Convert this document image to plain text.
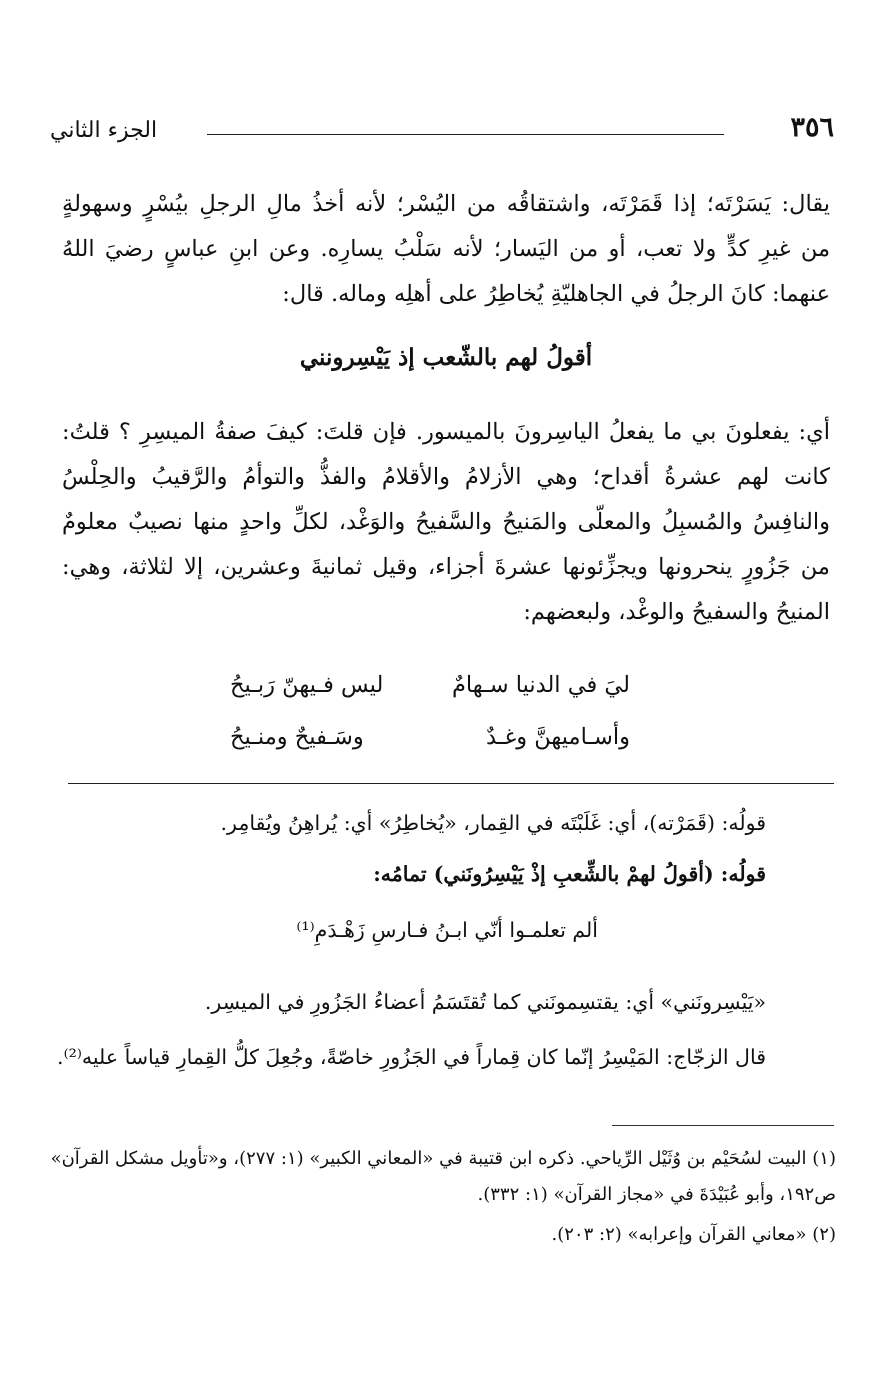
الجزء الثاني	٣٥٦
يقال: يَسَرْتَه؛ إذا قَمَرْتَه، واشتقاقُه من اليُسْر؛ لأنه أخذُ مالِ الرجلِ بيُسْرٍ وسهولةٍ
من غيرِ كدٍّ ولا تعب، أو من اليَسار؛ لأنه سَلْبُ يسارِه. وعن ابنِ عباسٍ رضيَ اللهُ
عنهما: كانَ الرجلُ في الجاهليّةِ يُخاطِرُ على أهلِه وماله. قال:
أقولُ لهم بالشّعب إذ يَيْسِرونني
أي: يفعلونَ بي ما يفعلُ الياسِرونَ بالميسور. فإن قلتَ: كيفَ صفةُ الميسِرِ ؟ قلتُ:
كانت لهم عشرةُ أقداح؛ وهي الأزلامُ والأقلامُ والفذُّ والتوأمُ والرَّقيبُ والحِلْسُ
والنافِسُ والمُسبِلُ والمعلّى والمَنيحُ والسَّفيحُ والوَغْد، لكلِّ واحدٍ منها نصيبٌ معلومٌ
من جَزُورٍ ينحرونها ويجزِّئونها عشرةَ أجزاء، وقيل ثمانيةَ وعشرين، إلا لثلاثة، وهي:
المنيحُ والسفيحُ والوغْد، ولبعضهم:
ليَ في الدنيا سـهامٌ
ليس فـيهنّ رَبـيحُ
وأسـاميهنَّ وغـدٌ
وسَـفيحٌ ومنـيحُ
قولُه: (قَمَرْته)، أي: غَلَبْتَه في القِمار، «يُخاطِرُ» أي: يُراهِنُ ويُقامِر.
قولُه: (أقولُ لهمْ بالشِّعبِ إذْ يَيْسِرُونَني) تمامُه:
ألم تعلمـوا أنّي ابـنُ فـارسِ زَهْـدَمِ⁽¹⁾
«يَيْسِرونَني» أي: يقتسِمونَني كما تُقتَسَمُ أعضاءُ الجَزُورِ في الميسِر.
قال الزجّاج: المَيْسِرُ إنّما كان قِماراً في الجَزُورِ خاصّةً، وجُعِلَ كلُّ القِمارِ قياساً عليه⁽²⁾.
(١) البيت لسُحَيْم بن وُثَيْل الرِّياحي. ذكره ابن قتيبة في «المعاني الكبير» (١: ٢٧٧)، و«تأويل مشكل القرآن»
ص١٩٢، وأبو عُبَيْدَةَ في «مجاز القرآن» (١: ٣٣٢).
(٢) «معاني القرآن وإعرابه» (٢: ٢٠٣).
